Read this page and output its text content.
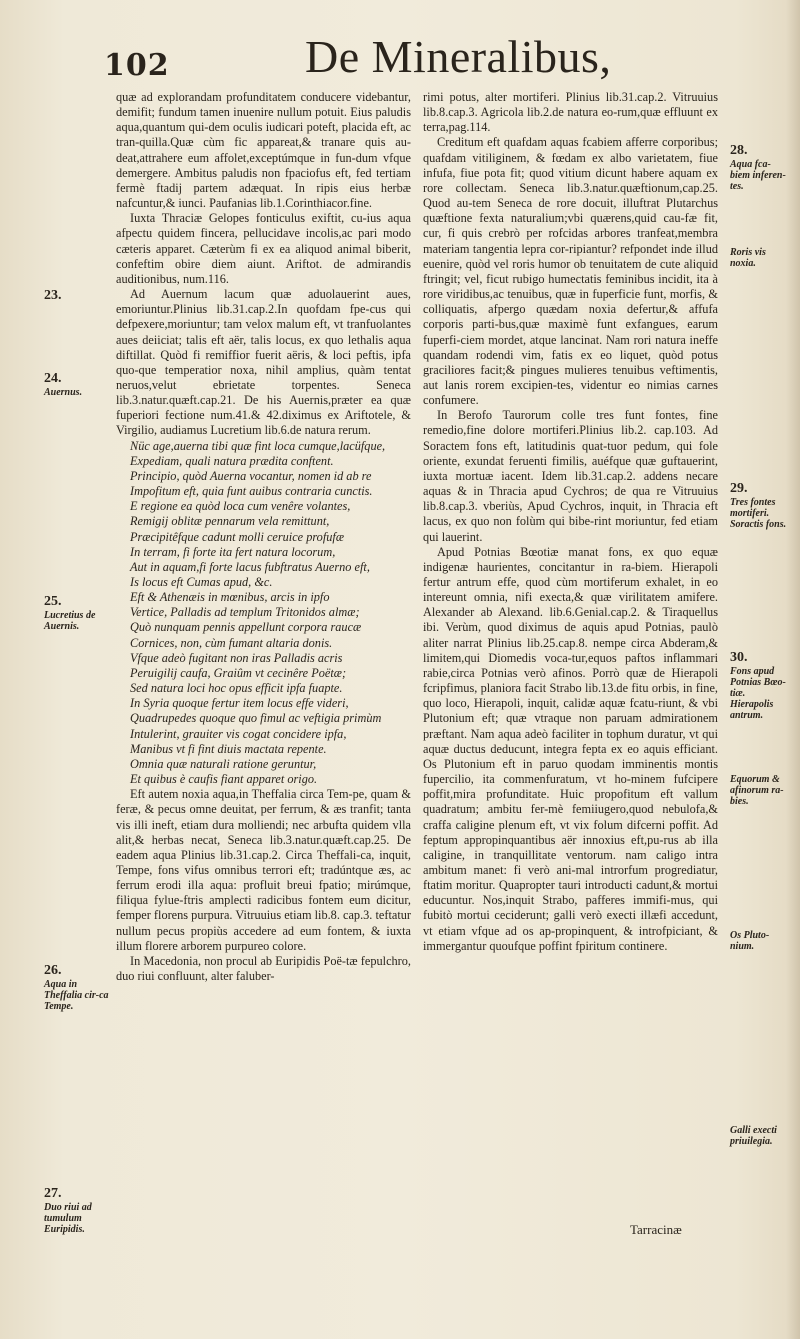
102	De Mineralibus,

quæ ad explorandam profunditatem conducere videbantur, demifit; fundum tamen inuenire nullum potuit. Eius paludis aqua,quantum qui-dem oculis iudicari poteft, placida eft, ac tran-quilla.Quæ cùm fic appareat,& tranare quis au-deat,attrahere eum affolet,exceptúmque in fun-dum vfque demergere. Ambitus paludis non fpaciofus eft, fed tertiam fermè ftadij partem adæquat. In ripis eius herbæ nafcuntur,& iunci. Paufanias lib.1.Corinthiacor.fine.

Iuxta Thraciæ Gelopes fonticulus exiftit, cu-ius aqua afpectu quidem fincera, pellucidave incolis,ac pari modo cæteris apparet. Cæterùm fi ex ea aliquod animal biberit, confeftim obire diem aiunt. Ariftot. de admirandis auditionibus, num.116.

Ad Auernum lacum quæ aduolauerint aues, emoriuntur.Plinius lib.31.cap.2.In quofdam fpe-cus qui defpexere,moriuntur; tam velox malum eft, vt tranfuolantes aues deiiciat; talis eft aër, talis locus, ex quo lethalis aqua diftillat. Quòd fi remiffior fuerit aëris, & loci peftis, ipfa quo-que temperatior noxa, nihil amplius, quàm tentat neruos,velut ebrietate torpentes. Seneca lib.3.natur.quæft.cap.21. De his Auernis,præter ea quæ fuperiori fectione num.41.& 42.diximus ex Ariftotele, & Virgilio, audiamus Lucretium lib.6.de natura rerum.

Nüc age,auerna tibi quæ fint loca cumque,lacüfque,
Expediam, quali natura prædita conftent.
Principio, quòd Auerna vocantur, nomen id ab re
Impofitum eft, quia funt auibus contraria cunctis.
E regione ea quòd loca cum venêre volantes,
Remigij oblitæ pennarum vela remittunt,
Præcipitêfque cadunt molli ceruice profufæ
In terram, fi forte ita fert natura locorum,
Aut in aquam,fi forte lacus fubftratus Auerno eft,
Is locus eft Cumas apud, &c.
Eft & Athenæis in mœnibus, arcis in ipfo
Vertice, Palladis ad templum Tritonidos almæ;
Quò nunquam pennis appellunt corpora raucæ
Cornices, non, cùm fumant altaria donis.
Vfque adeò fugitant non iras Palladis acris
Peruigilij caufa, Graiûm vt cecinêre Poëtæ;
Sed natura loci hoc opus efficit ipfa fuapte.
In Syria quoque fertur item locus effe videri,
Quadrupedes quoque quo fimul ac veftigia primùm
Intulerint, grauiter vis cogat concidere ipfa,
Manibus vt fi fint diuis mactata repente.
Omnia quæ naturali ratione geruntur,
Et quibus è caufis fiant apparet origo.

Eft autem noxia aqua,in Theffalia circa Tem-pe, quam & feræ, & pecus omne deuitat, per ferrum, & æs tranfit; tanta vis illi ineft, etiam dura molliendi; nec arbufta quidem vlla alit,& herbas necat, Seneca lib.3.natur.quæft.cap.25. De eadem aqua Plinius lib.31.cap.2. Circa Theffali-ca, inquit, Tempe, fons vifus omnibus terrori eft; tradúntque æs, ac ferrum erodi illa aqua: profluit breui fpatio; mirúmque, filiqua fylue-ftris amplecti radicibus fontem eum dicitur, femper florens purpura. Vitruuius etiam lib.8. cap.3. teftatur nullum pecus propiùs accedere ad eum fontem, & iuxta illum florere arborem purpureo colore.

In Macedonia, non procul ab Euripidis Poë-tæ fepulchro, duo riui confluunt, alter faluber-

rimi potus, alter mortiferi. Plinius lib.31.cap.2. Vitruuius lib.8.cap.3. Agricola lib.2.de natura eo-rum,quæ effluunt ex terra,pag.114.

Creditum eft quafdam aquas fcabiem afferre corporibus; quafdam vitiliginem, & fœdam ex albo varietatem, fiue infufa, fiue pota fit; quod vitium dicunt habere aquam ex rore collectam. Seneca lib.3.natur.quæftionum,cap.25. Quod au-tem Seneca de rore docuit, illuftrat Plutarchus quæftione fexta naturalium;vbi quærens,quid cau-fæ fit, cur, fi quis crebrò per rofcidas arbores tranfeat,membra materiam tangentia lepra cor-ripiantur? refpondet inde illud euenire, quòd vel roris humor ob tenuitatem de cute aliquid ftringit; vel, ficut rubigo humectatis feminibus incidit, ita à rore viridibus,ac tenuibus, quæ in fuperficie funt, morfis, & colliquatis, afpergo quædam noxia defertur,& affufa corporis parti-bus,quæ maximè funt exfangues, earum fuperfi-ciem mordet, atque lancinat. Nam rori natura ineffe quandam rodendi vim, fatis ex eo liquet, quòd potus graciliores facit;& pingues mulieres tenuibus veftimentis, aut lanis rorem excipien-tes, videntur eo nimias carnes confumere.

In Berofo Taurorum colle tres funt fontes, fine remedio,fine dolore mortiferi.Plinius lib.2. cap.103. Ad Soractem fons eft, latitudinis quat-tuor pedum, qui fole oriente, exundat feruenti fimilis, auéfque quæ guftauerint, iuxta mortuæ iacent. Idem lib.31.cap.2. addens necare aquas & in Thracia apud Cychros; de qua re Vitruuius lib.8.cap.3. vberiùs, Apud Cychros, inquit, in Thracia eft lacus, ex quo non folùm qui bibe-rint moriuntur, fed etiam qui lauerint.

Apud Potnias Bœotiæ manat fons, ex quo equæ indigenæ haurientes, concitantur in ra-biem. Hierapoli fertur antrum effe, quod cùm mortiferum exhalet, in eo intereunt omnia, nifi execta,& quæ virilitatem amifere. Alexander ab Alexand. lib.6.Genial.cap.2. & Tiraquellus ibi. Verùm, quod diximus de aquis apud Potnias, paulò aliter narrat Plinius lib.25.cap.8. nempe circa Abderam,& limitem,qui Diomedis voca-tur,equos paftos inflammari rabie,circa Potnias verò afinos. Porrò quæ de Hierapoli fcripfimus, planiora facit Strabo lib.13.de fitu orbis, in fine, quo loco, Hierapoli, inquit, calidæ aquæ fcatu-riunt, & vbi Plutonium eft; quæ vtraque non paruam admirationem præftant. Nam aqua adeò faciliter in tophum duratur, vt qui aquæ ductus deducunt, integra fepta ex eo aquis efficiant. Os Plutonium eft in paruo quodam imminentis montis fupercilio, ita commenfuratum, vt ho-minem fufcipere poffit,mira profunditate. Huic propofitum eft vallum quadratum; ambitu fer-mè femiiugero,quod nebulofa,& craffa caligine plenum eft, vt vix folum difcerni poffit. Ad feptum appropinquantibus aër innoxius eft,pu-rus ab illa caligine, in tranquillitate ventorum. nam caligo intra ambitum manet: fi verò ani-mal introrfum progrediatur, ftatim moritur. Quapropter tauri introducti cadunt,& mortui educuntur. Nos,inquit Strabo, pafferes immifi-mus, qui fubitò mortui ceciderunt; galli verò execti illæfi accedunt, vt etiam vfque ad os ap-propinquent, & introfpiciant, & immergantur quoufque poffint fpiritum continere.

23.
24.
Auernus.
25.
Lucretius de Auernis.
26.
Aqua in Theffalia cir-ca Tempe.
27.
Duo riui ad tumulum Euripidis.
28.
Aqua fca-biem inferen-tes.
Roris vis noxia.
29.
Tres fontes mortiferi. Soractis fons.
30.
Fons apud Potnias Bœo-tiæ. Hierapolis antrum.
Equorum & afinorum ra-bies.
Os Pluto-nium.
Galli execti priuilegia.
Tarracinæ
